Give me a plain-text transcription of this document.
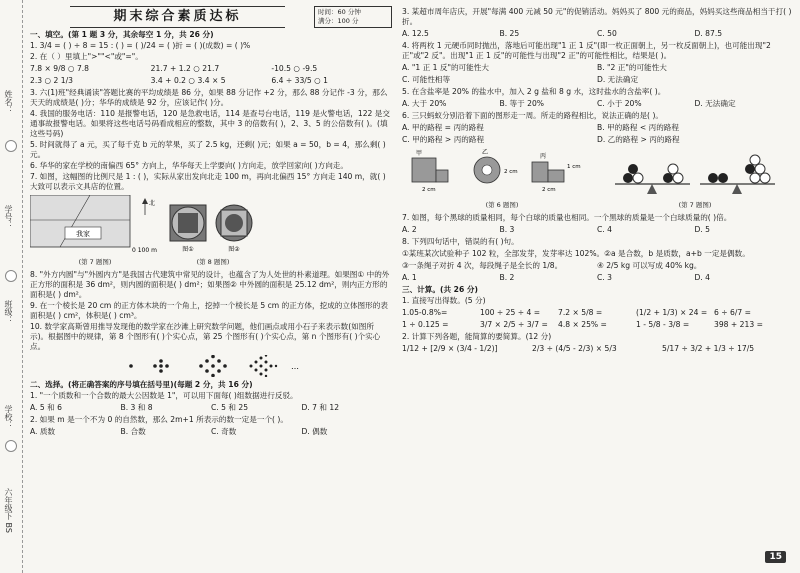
姓名：
学号：
班级：
学校：
六年级下 BS
期末综合素质达标	时间：60 分钟
满分：100 分
一、填空。(第 1 题 3 分，其余每空 1 分，共 26 分)
1. 3/4 = ( ) ÷ 8 = 15 : ( ) = ( )/24 = ( )折 = ( )(成数) = ( )%
2. 在（ ）里填上">""<"或"="。
7.8 × 9/8 ○ 7.8	21.7 + 1.2 ○ 21.7	-10.5 ○ -9.5
2.3 ○ 2 1/3	3.4 + 0.2 ○ 3.4 × 5	6.4 ÷ 33/5 ○ 1
3. 六(1)班"经典诵读"答题比赛的平均成绩是 86 分，如果 88 分记作 +2 分，那么 88 分记作 -3 分，那么天天的成绩是( )分；华华的成绩是 92 分，应该记作( )分。
4. 我国的服务电话：110 是报警电话，120 是急救电话，114 是查号台电话，119 是火警电话，122 是交通事故报警电话。如果将这些电话号码看成相应的整数，其中 3 的倍数有( )，2、3、5 的公倍数有( )。(填这些号码)
5. 时间就得了 a 元，买了每千克 b 元的苹果，买了 2.5 kg，还剩( )元；如果 a = 50，b = 4，那么剩( )元。
6. 华华的家在学校的南偏西 65° 方向上，华华每天上学要向( )方向走，放学回家向( )方向走。
7. 如图，这幅图的比例尺是 1 : ( )，实际从家出发向北走 100 m，再向北偏西 15° 方向走 140 m，就( )大致可以表示文具店的位置。
我家
0 100 m
北
(第 7 题图)
图①	图②
(第 8 题图)
8. "外方内圆"与"外圆内方"是我国古代建筑中常见的设计，也蕴含了为人处世的朴素道理。如果图① 中的外正方形的面积是 36 dm²，则内圆的面积是( ) dm²；如果图② 中外圆的面积是 25.12 dm²，则内正方形的面积是( ) dm²。
9. 在一个棱长是 20 cm 的正方体木块的一个角上，挖掉一个棱长是 5 cm 的正方体，挖成的立体图形的表面积是( ) cm²，体积是( ) cm³。
10. 数学家高斯曾用推导发现他的数学家在沙滩上研究数学问题，他们画点或用小石子来表示数(如图所示)。根据图中的规律，第 8 个图形有( )个实心点，第 25 个图形有( )个实心点，第 n 个图形有( )个实心点。
…
二、选择。(将正确答案的序号填在括号里)(每题 2 分，共 16 分)
1. "一个质数和一个合数的最大公因数是 1"，可以用下面每( )组数据进行反驳。
A. 5 和 6	B. 3 和 8	C. 5 和 25	D. 7 和 12
2. 如果 m 是一个不为 0 的自然数，那么 2m+1 所表示的数一定是一个( )。
A. 质数	B. 合数	C. 奇数	D. 偶数
3. 某超市周年店庆，开展"每满 400 元减 50 元"的促销活动。妈妈买了 800 元的商品，妈妈买这些商品相当于打( )折。
A. 12.5	B. 25	C. 50	D. 87.5
4. 将两枚 1 元硬币同时抛出，落地后可能出现"1 正 1 反"(即一枚正面朝上，另一枚反面朝上)，也可能出现"2 正"或"2 反"。出现"1 正 1 反"的可能性与出现"2 正"的可能性相比，结果是( )。
A. "1 正 1 反"的可能性大	B. "2 正"的可能性大
C. 可能性相等	D. 无法确定
5. 在含盐率是 20% 的盐水中，加入 2 g 盐和 8 g 水，这时盐水的含盐率( )。
A. 大于 20%	B. 等于 20%	C. 小于 20%	D. 无法确定
6. 三只蚂蚁分别沿着下面的图形走一周。所走的路程相比，说法正确的是( )。
A. 甲的路程 = 丙的路程	B. 甲的路程 < 丙的路程
C. 甲的路程 > 丙的路程	D. 乙的路程 > 丙的路程
甲
2 cm
乙
2 cm
丙
1 cm
2 cm
(第 6 题图)	(第 7 题图)
7. 如图，每个黑球的质量相同，每个白球的质量也相同。一个黑球的质量是一个白球质量的( )倍。
A. 2	B. 3	C. 4	D. 5
8. 下列四句话中，错误的有( )句。
①某班某次试验种子 102 粒，全部发芽，发芽率达 102%。 ②a 是合数，b 是质数，a+b 一定是偶数。
③一条绳子对折 4 次，每段绳子是全长的 1/8。	④ 2/5 kg 可以写成 40% kg。
A. 1	B. 2	C. 3	D. 4
三、计算。(共 26 分)
1. 直接写出得数。(5 分)
1.05-0.8%=	100 ÷ 25 ÷ 4 =	7.2 × 5/8 =	(1/2 + 1/3) × 24 = 6 ÷ 6/7 =
1 ÷ 0.125 =	3/7 × 2/5 ÷ 3/7 =	4.8 × 25% =	1 - 5/8 - 3/8 =	398 + 213 =
2. 计算下列各题，能简算的要简算。(12 分)
1/12 + [2/9 × (3/4 - 1/2)]	2/3 ÷ (4/5 - 2/3) × 5/3	5/17 ÷ 3/2 + 1/3 ÷ 17/5
15
